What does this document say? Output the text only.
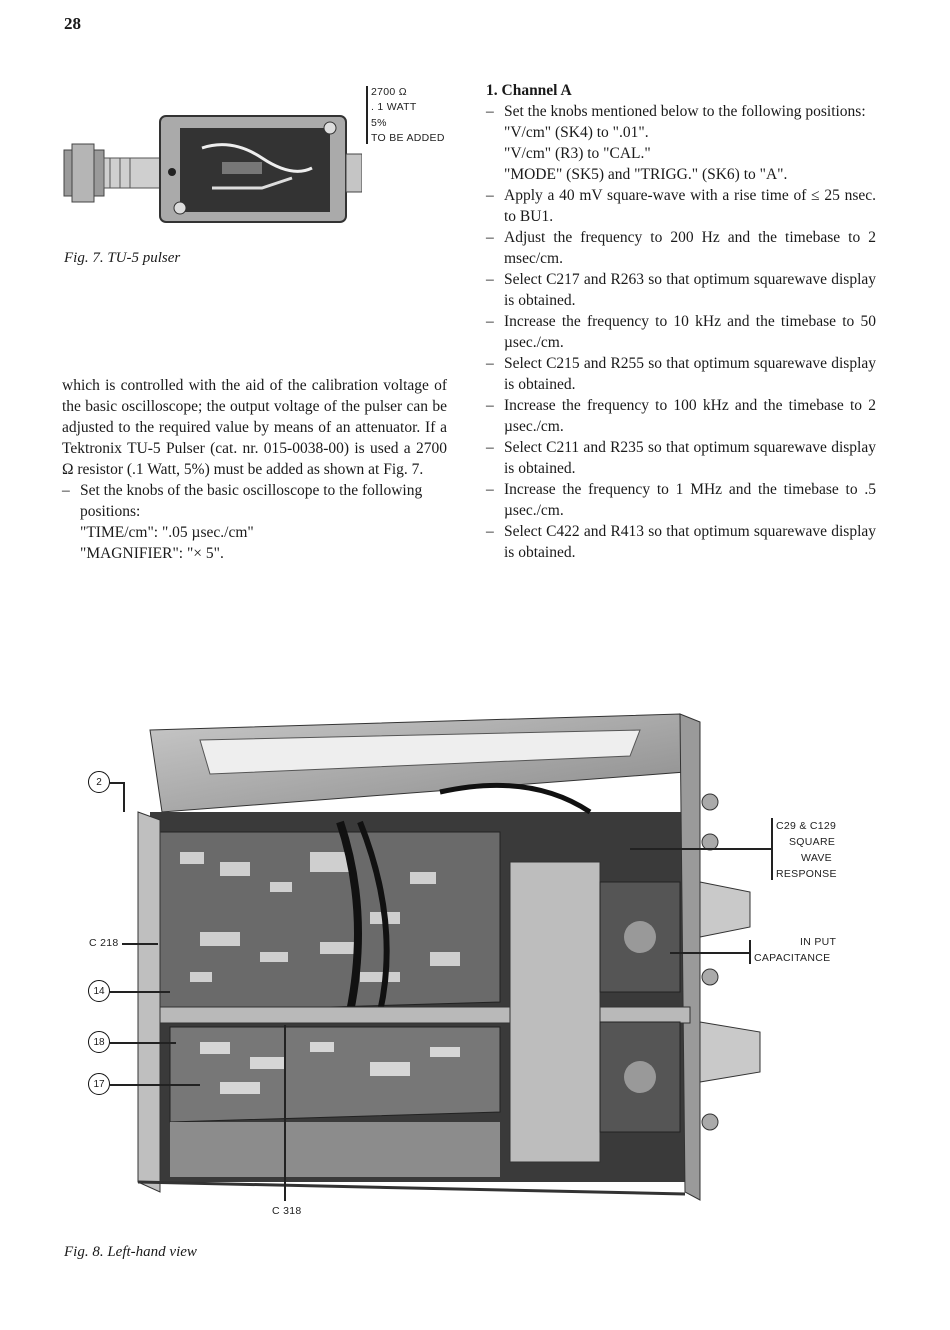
28
2700 Ω
. 1 WATT
5%
TO BE ADDED
Fig. 7. TU-5 pulser

which is controlled with the aid of the calibration voltage of the basic oscilloscope; the output voltage of the pulser can be adjusted to the required value by means of an attenuator. If a Tektronix TU-5 Pulser (cat. nr. 015-0038-00) is used a 2700 Ω resistor (.1 Watt, 5%) must be added as shown at Fig. 7.

– Set the knobs of the basic oscilloscope to the following positions:

"TIME/cm": ".05 µsec./cm"

"MAGNIFIER": "× 5".

1. Channel A

– Set the knobs mentioned below to the following positions:

"V/cm" (SK4) to ".01".

"V/cm" (R3) to "CAL."

"MODE" (SK5) and "TRIGG." (SK6) to "A".

– Apply a 40 mV square-wave with a rise time of ≤ 25 nsec. to BU1.

– Adjust the frequency to 200 Hz and the timebase to 2 msec/cm.

– Select C217 and R263 so that optimum squarewave display is obtained.

– Increase the frequency to 10 kHz and the timebase to 50 µsec./cm.

– Select C215 and R255 so that optimum squarewave display is obtained.

– Increase the frequency to 100 kHz and the timebase to 2 µsec./cm.

– Select C211 and R235 so that optimum squarewave display is obtained.

– Increase the frequency to 1 MHz and the timebase to .5 µsec./cm.

– Select C422 and R413 so that optimum squarewave display is obtained.

2
C 218
14
18
17
C 318
C29 & C129
SQUARE
WAVE
RESPONSE
IN PUT
CAPACITANCE
Fig. 8. Left-hand view
